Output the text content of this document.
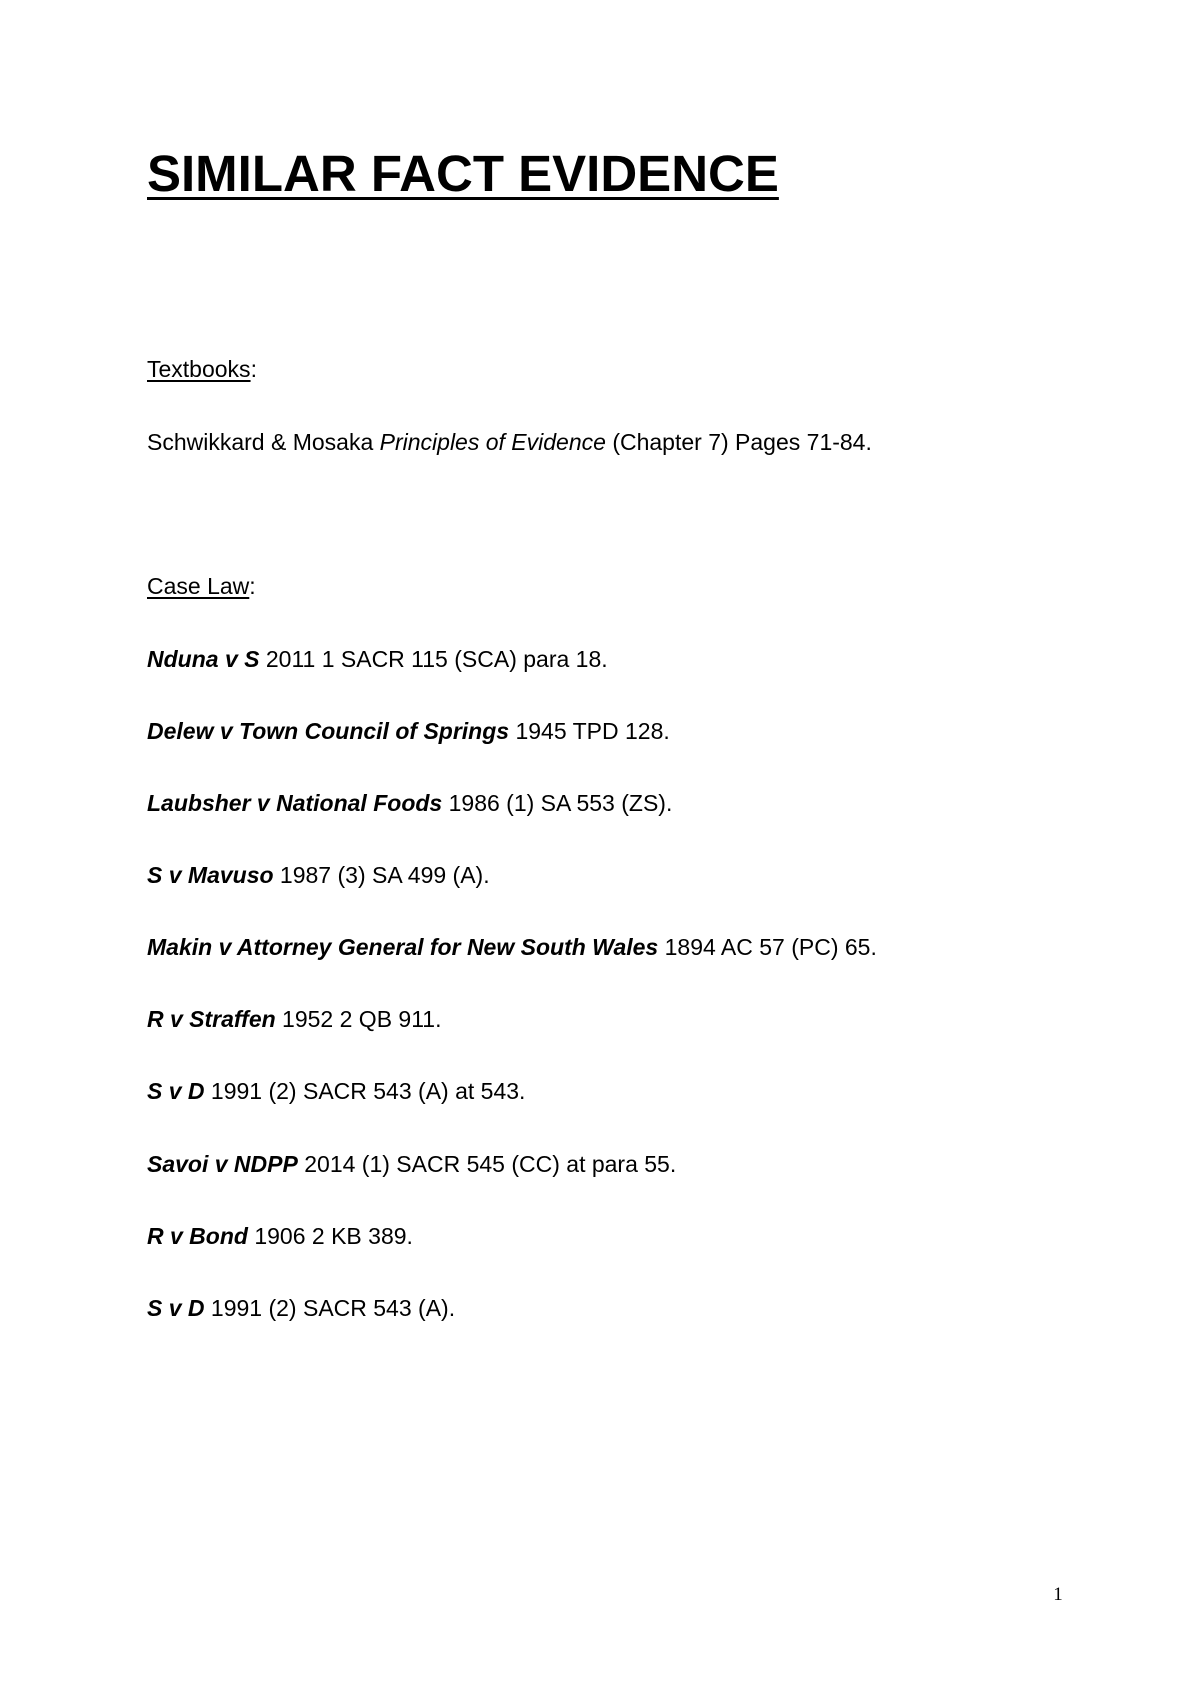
SIMILAR FACT EVIDENCE

Textbooks:

Schwikkard & Mosaka Principles of Evidence (Chapter 7) Pages 71-84.

Case Law:

Nduna v S 2011 1 SACR 115 (SCA) para 18.

Delew v Town Council of Springs 1945 TPD 128.

Laubsher v National Foods 1986 (1) SA 553 (ZS).

S v Mavuso 1987 (3) SA 499 (A).

Makin v Attorney General for New South Wales 1894 AC 57 (PC) 65.

R v Straffen 1952 2 QB 911.

S v D 1991 (2) SACR 543 (A) at 543.

Savoi v NDPP 2014 (1) SACR 545 (CC) at para 55.

R v Bond 1906 2 KB 389.

S v D 1991 (2) SACR 543 (A).

1
